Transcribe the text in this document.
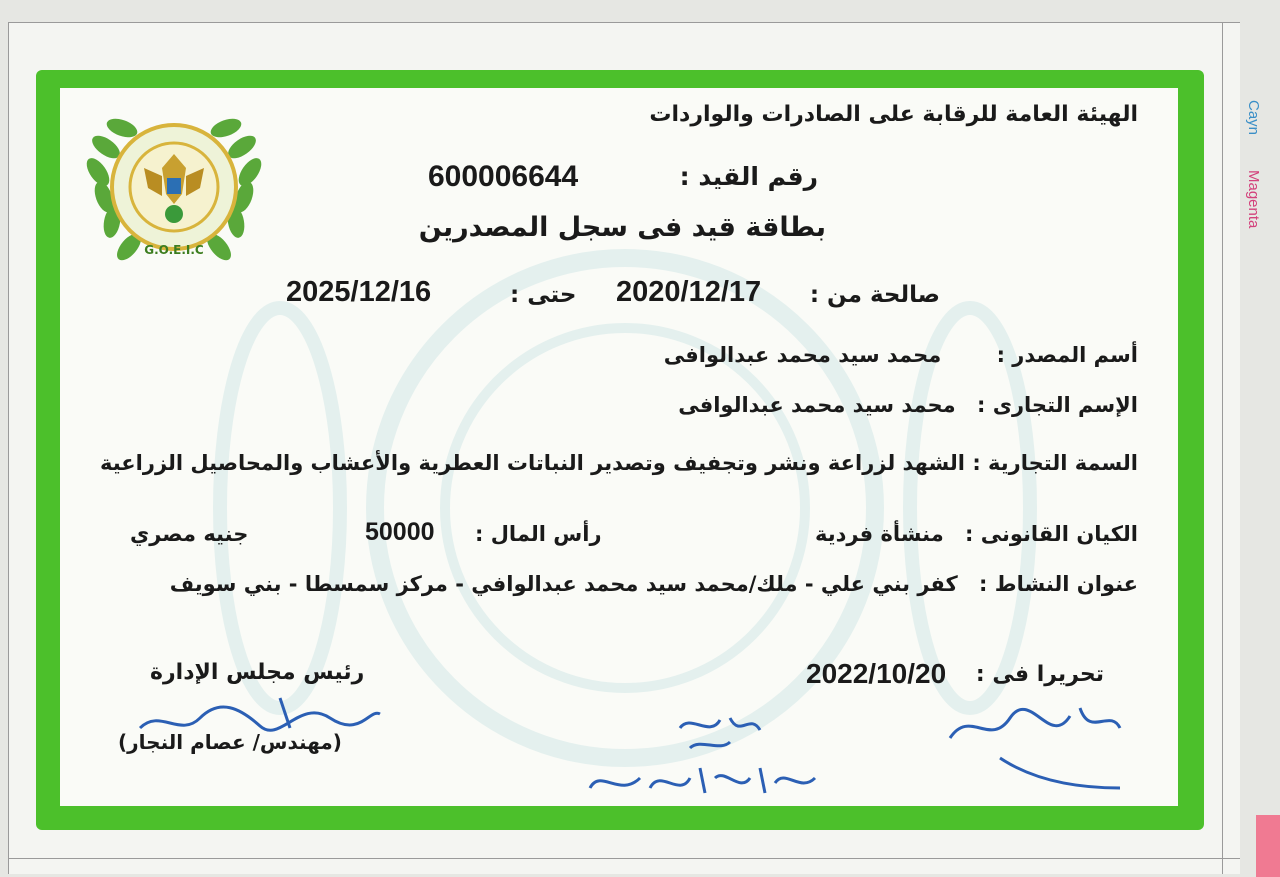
Cayn
Magenta
G.O.E.I.C
الهيئة العامة للرقابة على الصادرات والواردات
رقم القيد :
600006644
بطاقة قيد فى سجل المصدرين
صالحة من :
2020/12/17
حتى :
2025/12/16
أسم المصدر : محمد سيد محمد عبدالوافى
الإسم التجارى : محمد سيد محمد عبدالوافى
السمة التجارية : الشهد لزراعة ونشر وتجفيف وتصدير النباتات العطرية والأعشاب والمحاصيل الزراعية
الكيان القانونى : منشأة فردية
رأس المال :
50000
جنيه مصري
عنوان النشاط : كفر بني علي - ملك/محمد سيد محمد عبدالوافي - مركز سمسطا - بني سويف
تحريرا فى :
2022/10/20
رئيس مجلس الإدارة
(مهندس/ عصام النجار)
